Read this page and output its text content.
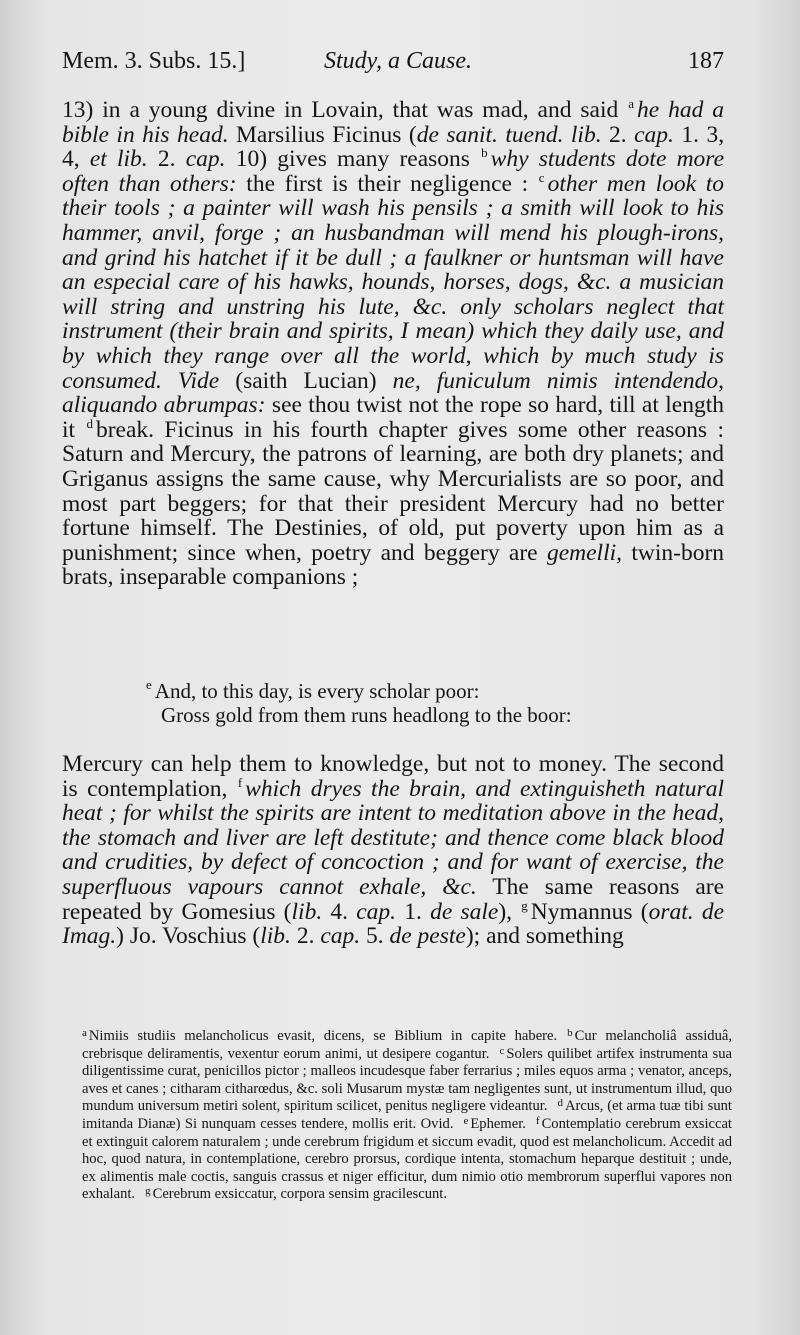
Mem. 3. Subs. 15.]	Study, a Cause.	187

13) in a young divine in Lovain, that was mad, and said $^a$ he had a bible in his head. Marsilius Ficinus (de sanit. tuend. lib. 2. cap. 1. 3, 4, et lib. 2. cap. 10) gives many reasons $^b$ why students dote more often than others: the first is their negligence : $^c$ other men look to their tools ; a painter will wash his pensils ; a smith will look to his hammer, anvil, forge ; an husbandman will mend his plough-irons, and grind his hatchet if it be dull ; a faulkner or huntsman will have an especial care of his hawks, hounds, horses, dogs, &c. a musician will string and unstring his lute, &c. only scholars neglect that instrument (their brain and spirits, I mean) which they daily use, and by which they range over all the world, which by much study is consumed. Vide (saith Lucian) ne, funiculum nimis intendendo, aliquando abrumpas: see thou twist not the rope so hard, till at length it $^d$ break. Ficinus in his fourth chapter gives some other reasons : Saturn and Mercury, the patrons of learning, are both dry planets; and Griganus assigns the same cause, why Mercurialists are so poor, and most part beggers; for that their president Mercury had no better fortune himself. The Destinies, of old, put poverty upon him as a punishment; since when, poetry and beggery are gemelli, twin-born brats, inseparable companions ;

$^e$ And, to this day, is every scholar poor:
Gross gold from them runs headlong to the boor:

Mercury can help them to knowledge, but not to money. The second is contemplation, $^f$ which dryes the brain, and extinguisheth natural heat ; for whilst the spirits are intent to meditation above in the head, the stomach and liver are left destitute; and thence come black blood and crudities, by defect of concoction ; and for want of exercise, the superfluous vapours cannot exhale, &c. The same reasons are repeated by Gomesius (lib. 4. cap. 1. de sale), $^g$ Nymannus (orat. de Imag.) Jo. Voschius (lib. 2. cap. 5. de peste); and something

$^a$ Nimiis studiis melancholicus evasit, dicens, se Biblium in capite habere. $^b$ Cur melancholiâ assiduâ, crebrisque deliramentis, vexentur eorum animi, ut desipere cogantur. $^c$ Solers quilibet artifex instrumenta sua diligentissime curat, penicillos pictor ; malleos incudesque faber ferrarius ; miles equos arma ; venator, anceps, aves et canes ; citharam citharœdus, &c. soli Musarum mystæ tam negligentes sunt, ut instrumentum illud, quo mundum universum metiri solent, spiritum scilicet, penitus negligere videantur. $^d$ Arcus, (et arma tuæ tibi sunt imitanda Dianæ) Si nunquam cesses tendere, mollis erit. Ovid. $^e$ Ephemer. $^f$ Contemplatio cerebrum exsiccat et extinguit calorem naturalem ; unde cerebrum frigidum et siccum evadit, quod est melancholicum. Accedit ad hoc, quod natura, in contemplatione, cerebro prorsus, cordique intenta, stomachum heparque destituit ; unde, ex alimentis male coctis, sanguis crassus et niger efficitur, dum nimio otio membrorum superflui vapores non exhalant. $^g$ Cerebrum exsiccatur, corpora sensim gracilescunt.
